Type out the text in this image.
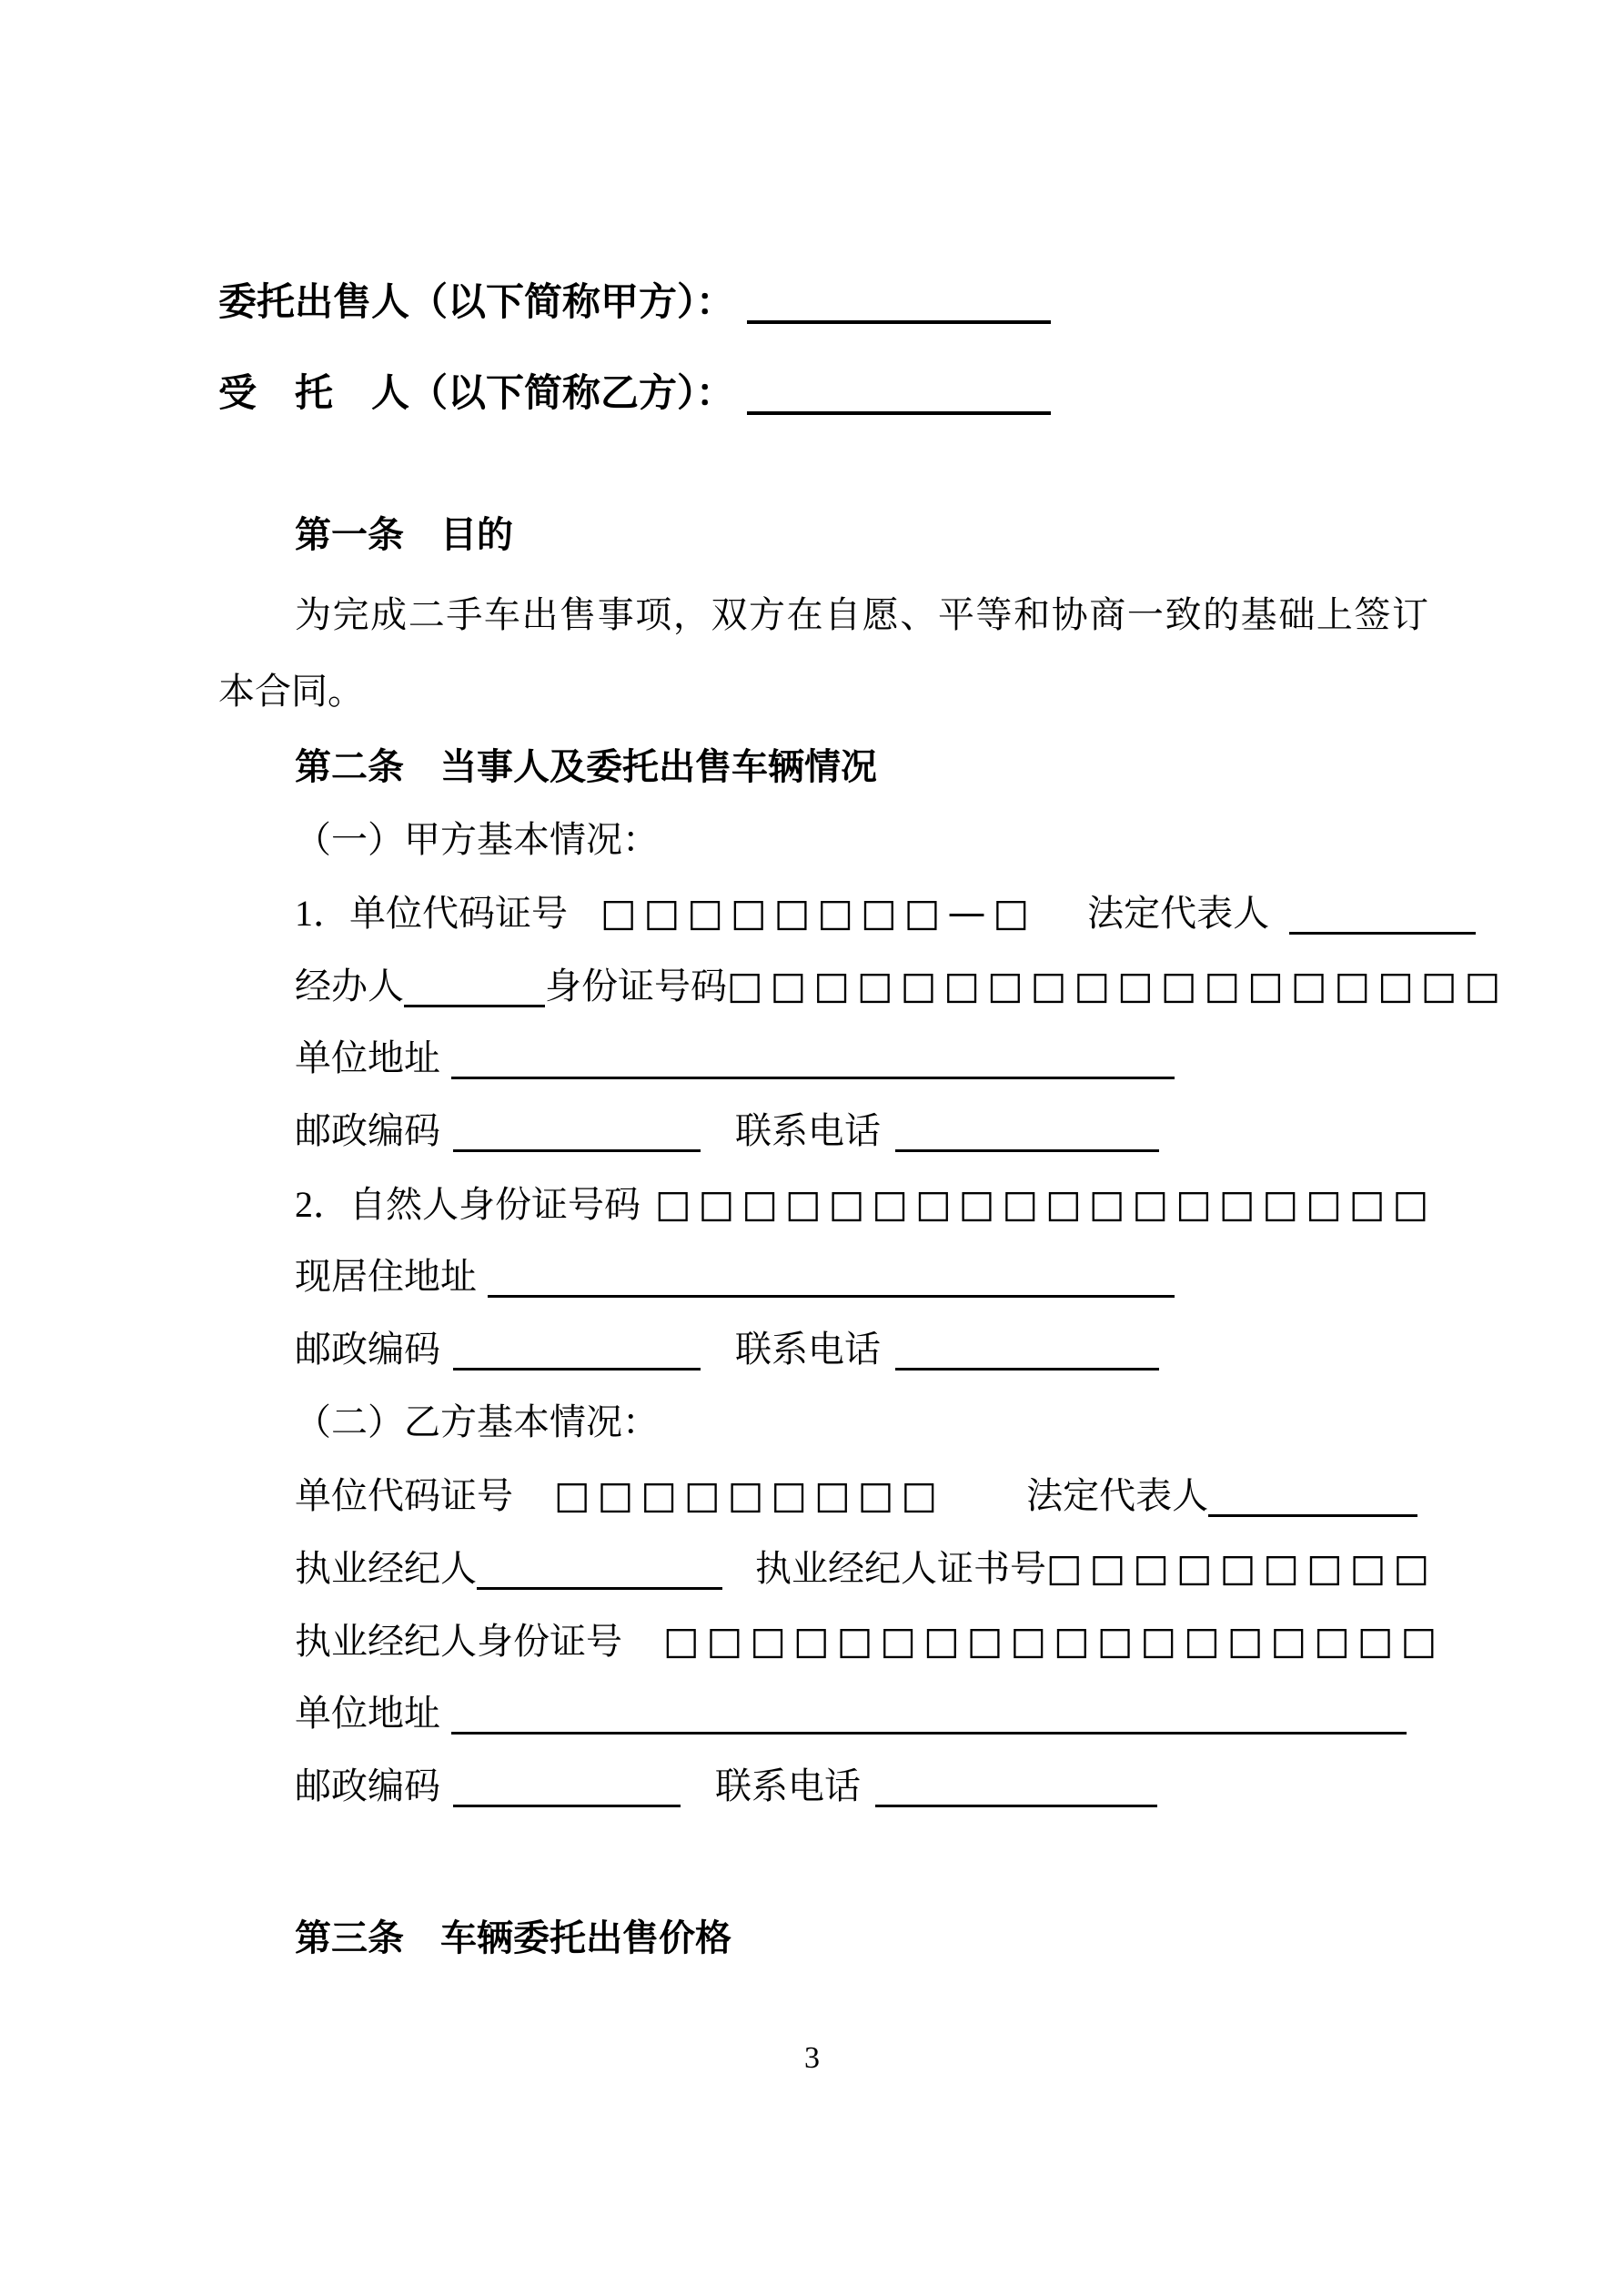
委托出售人（以下简称甲方）：
受　托　人（以下简称乙方）：
第一条　目的
为完成二手车出售事项，双方在自愿、平等和协商一致的基础上签订
本合同。
第二条　当事人及委托出售车辆情况
（一）甲方基本情况：
1．单位代码证号 □□□□□□□□—□ 法定代表人
经办人	身份证号码□□□□□□□□□□□□□□□□□□
单位地址
邮政编码	联系电话
2．自然人身份证号码 □□□□□□□□□□□□□□□□□□
现居住地址
邮政编码	联系电话
（二）乙方基本情况：
单位代码证号 □□□□□□□□□ 法定代表人
执业经纪人	执业经纪人证书号□□□□□□□□□
执业经纪人身份证号 □□□□□□□□□□□□□□□□□□
单位地址
邮政编码	联系电话
第三条　车辆委托出售价格
3
